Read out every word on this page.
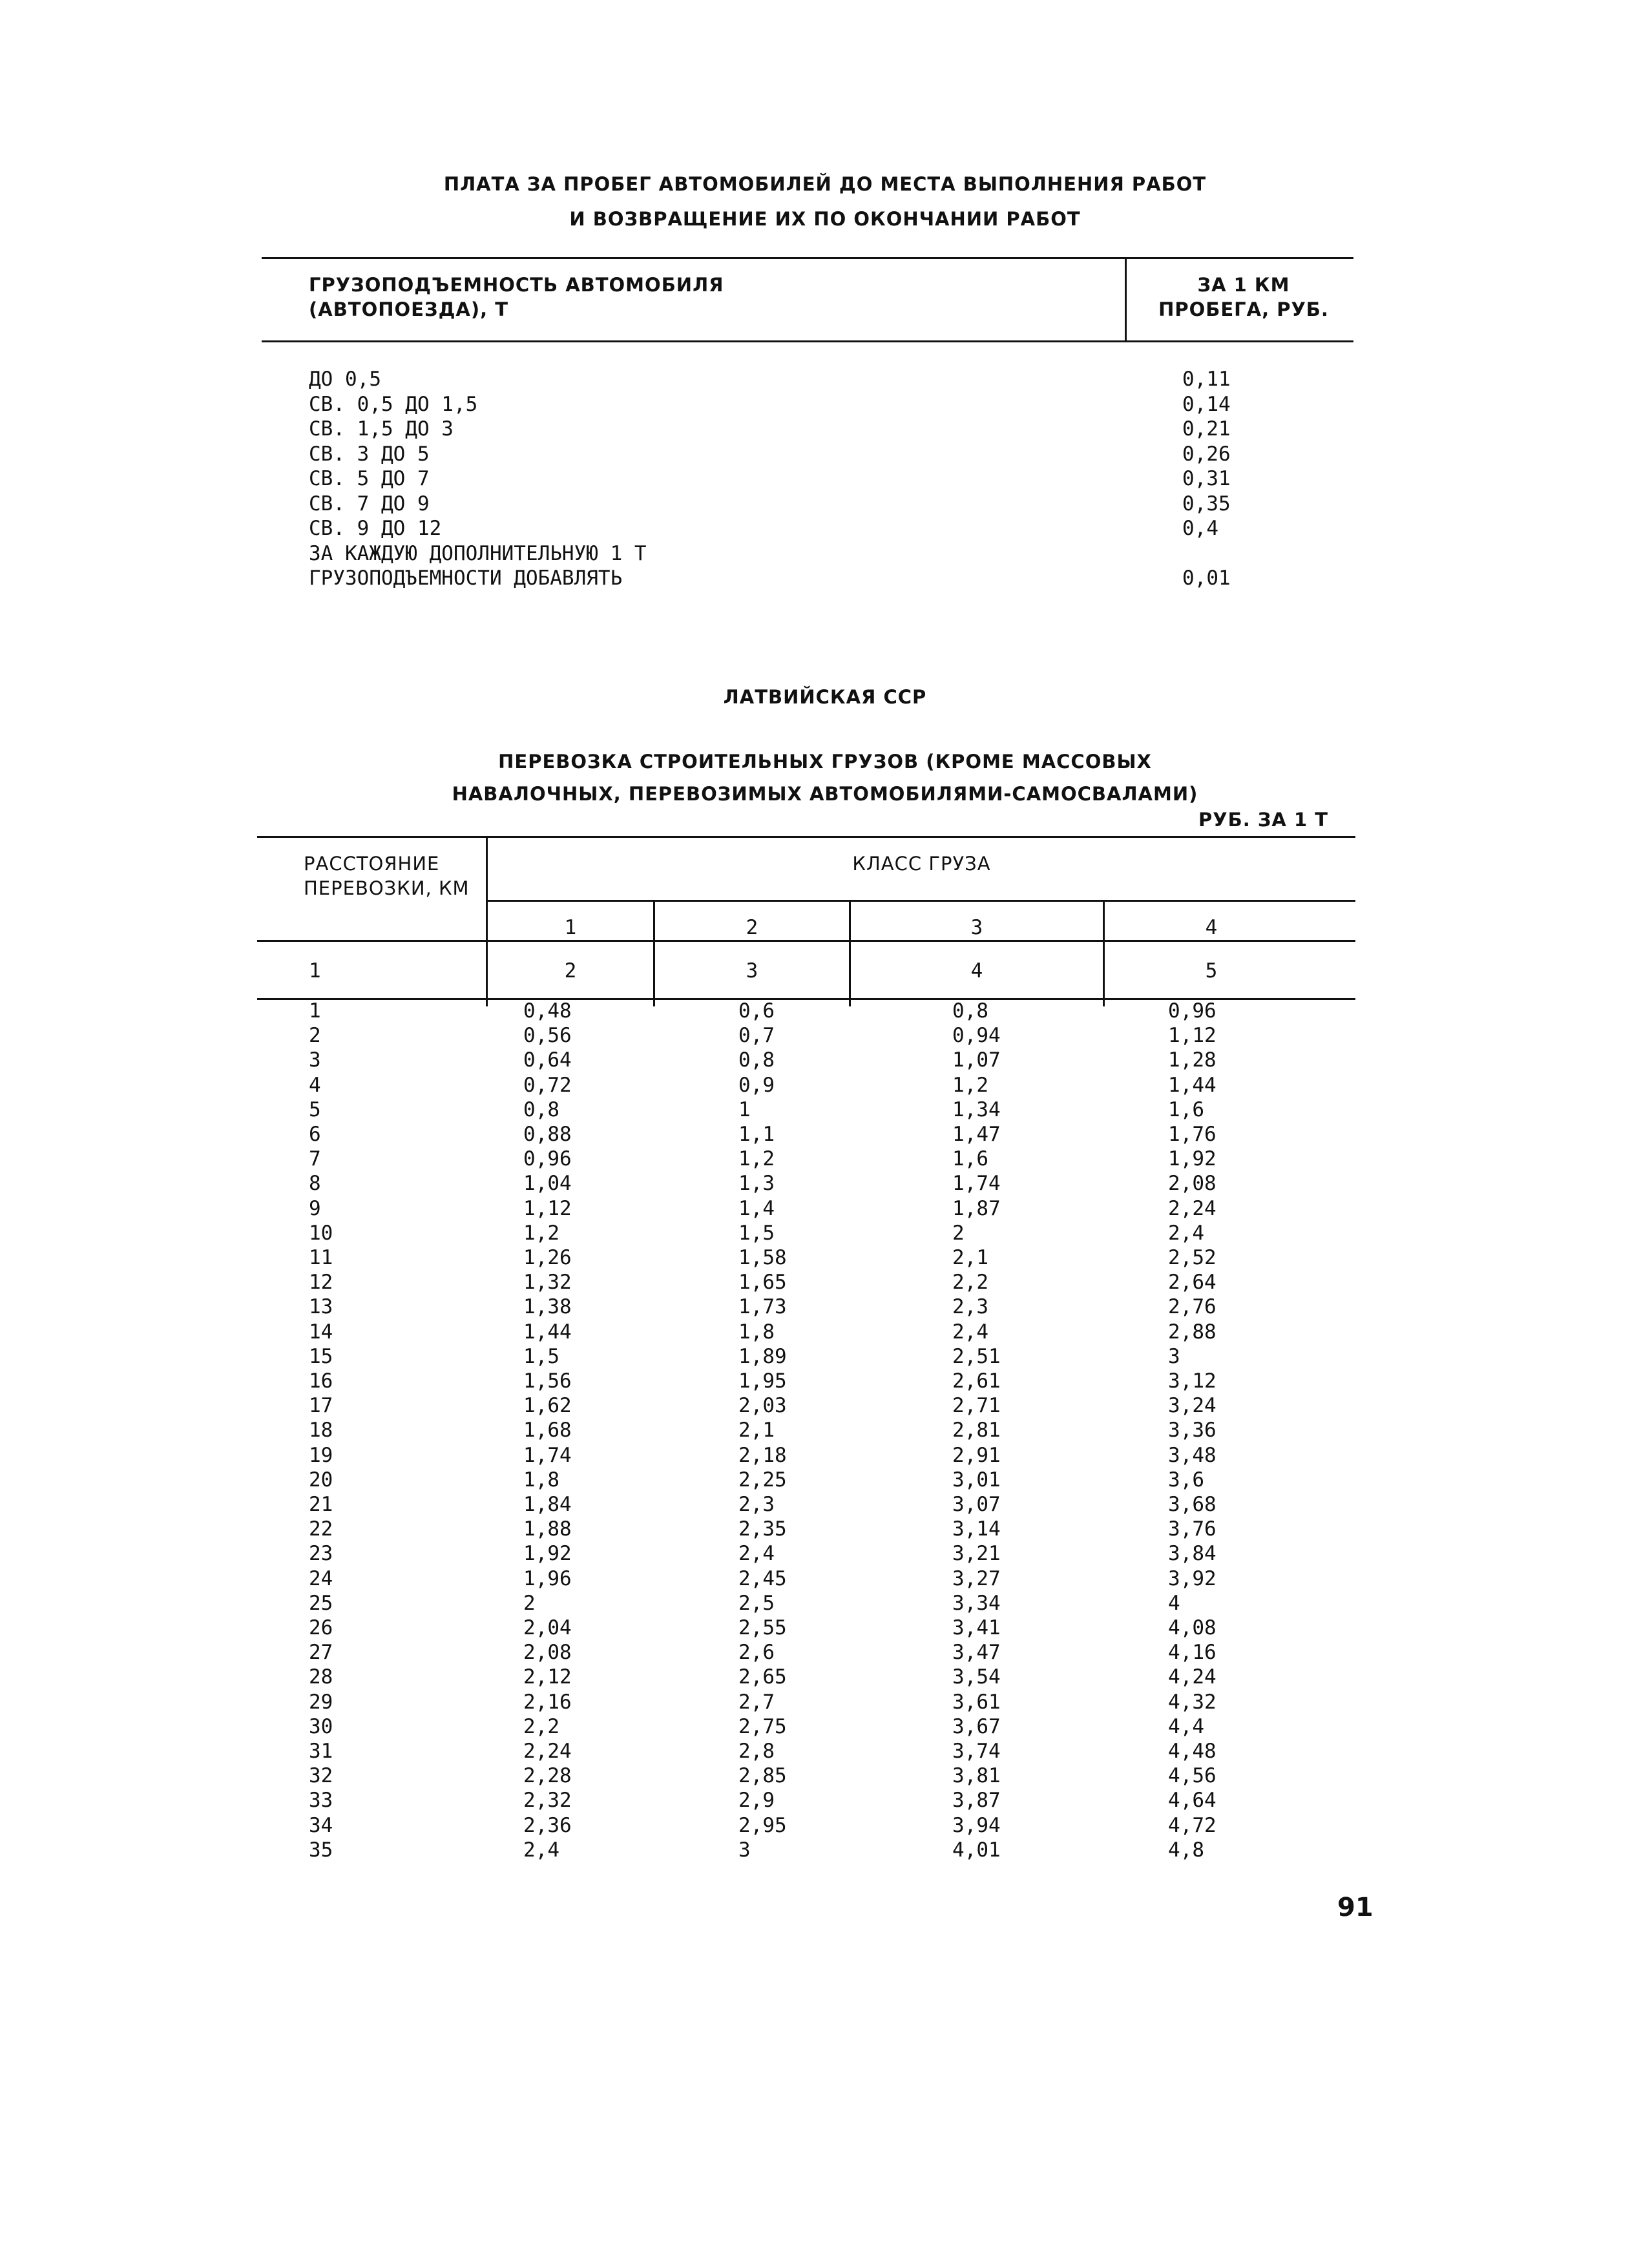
ПЛАТА ЗА ПРОБЕГ АВТОМОБИЛЕЙ ДО МЕСТА ВЫПОЛНЕНИЯ РАБОТ
И ВОЗВРАЩЕНИЕ ИХ ПО ОКОНЧАНИИ РАБОТ
ГРУЗОПОДЪЕМНОСТЬ АВТОМОБИЛЯ
(АВТОПОЕЗДА), Т
ЗА 1 КМ
ПРОБЕГА, РУБ.
ДО 0,5	0,11
СВ. 0,5 ДО 1,5	0,14
СВ. 1,5 ДО 3	0,21
СВ. 3 ДО 5	0,26
СВ. 5 ДО 7	0,31
СВ. 7 ДО 9	0,35
СВ. 9 ДО 12	0,4
ЗА КАЖДУЮ ДОПОЛНИТЕЛЬНУЮ 1 Т
ГРУЗОПОДЪЕМНОСТИ ДОБАВЛЯТЬ	0,01
ЛАТВИЙСКАЯ ССР
ПЕРЕВОЗКА СТРОИТЕЛЬНЫХ ГРУЗОВ (КРОМЕ МАССОВЫХ
НАВАЛОЧНЫХ, ПЕРЕВОЗИМЫХ АВТОМОБИЛЯМИ-САМОСВАЛАМИ)
РУБ. ЗА 1 Т
РАССТОЯНИЕ
ПЕРЕВОЗКИ, КМ
КЛАСС ГРУЗА
1	2	3	4
1	2	3	4	5
1	0,48	0,6	0,8	0,96
2	0,56	0,7	0,94	1,12
3	0,64	0,8	1,07	1,28
4	0,72	0,9	1,2	1,44
5	0,8	1	1,34	1,6
6	0,88	1,1	1,47	1,76
7	0,96	1,2	1,6	1,92
8	1,04	1,3	1,74	2,08
9	1,12	1,4	1,87	2,24
10	1,2	1,5	2	2,4
11	1,26	1,58	2,1	2,52
12	1,32	1,65	2,2	2,64
13	1,38	1,73	2,3	2,76
14	1,44	1,8	2,4	2,88
15	1,5	1,89	2,51	3
16	1,56	1,95	2,61	3,12
17	1,62	2,03	2,71	3,24
18	1,68	2,1	2,81	3,36
19	1,74	2,18	2,91	3,48
20	1,8	2,25	3,01	3,6
21	1,84	2,3	3,07	3,68
22	1,88	2,35	3,14	3,76
23	1,92	2,4	3,21	3,84
24	1,96	2,45	3,27	3,92
25	2	2,5	3,34	4
26	2,04	2,55	3,41	4,08
27	2,08	2,6	3,47	4,16
28	2,12	2,65	3,54	4,24
29	2,16	2,7	3,61	4,32
30	2,2	2,75	3,67	4,4
31	2,24	2,8	3,74	4,48
32	2,28	2,85	3,81	4,56
33	2,32	2,9	3,87	4,64
34	2,36	2,95	3,94	4,72
35	2,4	3	4,01	4,8
91
